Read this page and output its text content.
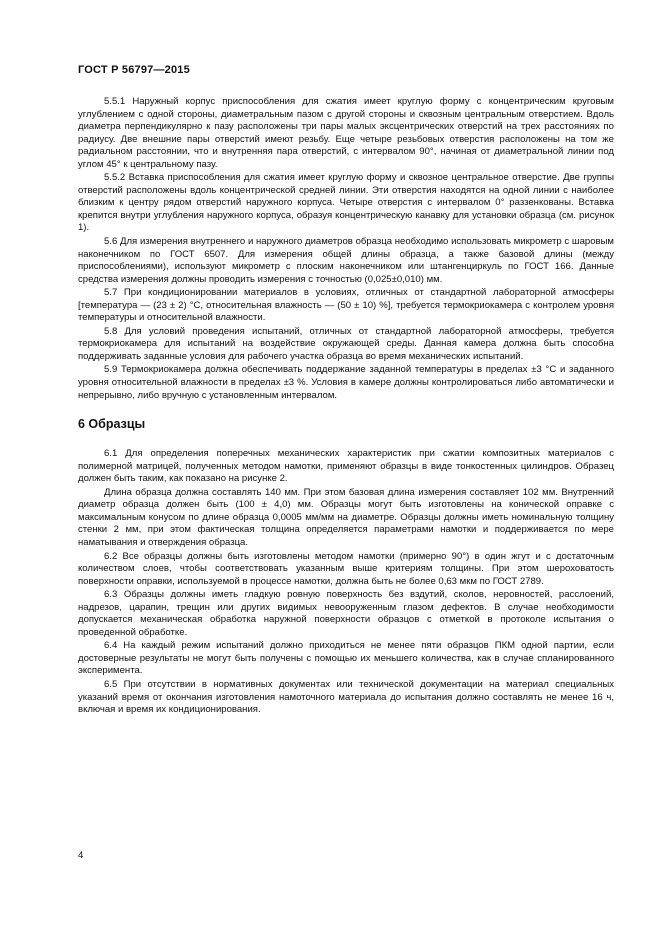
ГОСТ Р 56797—2015

5.5.1 Наружный корпус приспособления для сжатия имеет круглую форму с концентрическим круговым углублением с одной стороны, диаметральным пазом с другой стороны и сквозным центральным отверстием. Вдоль диаметра перпендикулярно к пазу расположены три пары малых эксцентрических отверстий на трех расстояниях по радиусу. Две внешние пары отверстий имеют резьбу. Еще четыре резьбовых отверстия расположены на том же радиальном расстоянии, что и внутренняя пара отверстий, с интервалом 90°, начиная от диаметральной линии под углом 45° к центральному пазу.

5.5.2 Вставка приспособления для сжатия имеет круглую форму и сквозное центральное отверстие. Две группы отверстий расположены вдоль концентрической средней линии. Эти отверстия находятся на одной линии с наиболее близким к центру рядом отверстий наружного корпуса. Четыре отверстия с интервалом 0° раззенкованы. Вставка крепится внутри углубления наружного корпуса, образуя концентрическую канавку для установки образца (см. рисунок 1).

5.6 Для измерения внутреннего и наружного диаметров образца необходимо использовать микрометр с шаровым наконечником по ГОСТ 6507. Для измерения общей длины образца, а также базовой длины (между приспособлениями), используют микрометр с плоским наконечником или штангенциркуль по ГОСТ 166. Данные средства измерения должны проводить измерения с точностью (0,025±0,010) мм.

5.7 При кондиционировании материалов в условиях, отличных от стандартной лабораторной атмосферы [температура — (23 ± 2) °С, относительная влажность — (50 ± 10) %], требуется термокриокамера с контролем уровня температуры и относительной влажности.

5.8 Для условий проведения испытаний, отличных от стандартной лабораторной атмосферы, требуется термокриокамера для испытаний на воздействие окружающей среды. Данная камера должна быть способна поддерживать заданные условия для рабочего участка образца во время механических испытаний.

5.9 Термокриокамера должна обеспечивать поддержание заданной температуры в пределах ±3 °С и заданного уровня относительной влажности в пределах ±3 %. Условия в камере должны контролироваться либо автоматически и непрерывно, либо вручную с установленным интервалом.

6 Образцы

6.1 Для определения поперечных механических характеристик при сжатии композитных материалов с полимерной матрицей, полученных методом намотки, применяют образцы в виде тонкостенных цилиндров. Образец должен быть таким, как показано на рисунке 2.

Длина образца должна составлять 140 мм. При этом базовая длина измерения составляет 102 мм. Внутренний диаметр образца должен быть (100 ± 4,0) мм. Образцы могут быть изготовлены на конической оправке с максимальным конусом по длине образца 0,0005 мм/мм на диаметре. Образцы должны иметь номинальную толщину стенки 2 мм, при этом фактическая толщина определяется параметрами намотки и поддерживается по мере наматывания и отверждения образца.

6.2 Все образцы должны быть изготовлены методом намотки (примерно 90°) в один жгут и с достаточным количеством слоев, чтобы соответствовать указанным выше критериям толщины. При этом шероховатость поверхности оправки, используемой в процессе намотки, должна быть не более 0,63 мкм по ГОСТ 2789.

6.3 Образцы должны иметь гладкую ровную поверхность без вздутий, сколов, неровностей, расслоений, надрезов, царапин, трещин или других видимых невооруженным глазом дефектов. В случае необходимости допускается механическая обработка наружной поверхности образцов с отметкой в протоколе испытания о проведенной обработке.

6.4 На каждый режим испытаний должно приходиться не менее пяти образцов ПКМ одной партии, если достоверные результаты не могут быть получены с помощью их меньшего количества, как в случае спланированного эксперимента.

6.5 При отсутствии в нормативных документах или технической документации на материал специальных указаний время от окончания изготовления намоточного материала до испытания должно составлять не менее 16 ч, включая и время их кондиционирования.

4
